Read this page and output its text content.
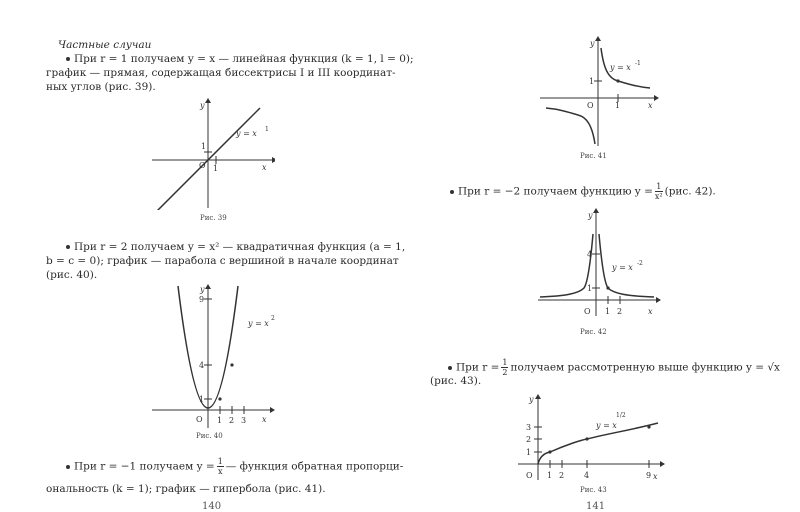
Частные случаи
При r = 1 получаем y = x — линейная функция (k = 1, l = 0);
график — прямая, содержащая биссектрисы I и III координат-
ных углов (рис. 39).
y
x
O 1
1
y = x 1
Рис. 39
При r = 2 получаем y = x² — квадратичная функция (a = 1,
b = c = 0); график — парабола с вершиной в начале координат
(рис. 40).
y
x
O 1 2 3
1
4
9
y = x
2
Рис. 40
При r = −1 получаем $y = \frac{1}{x}$ — функция обратная пропорци-
ональность (k = 1); график — гипербола (рис. 41).
140
y
x
O	1
1
y = x -1
Рис. 41
При r = −2 получаем функцию $y = \frac{1}{\text{x²}} (рис$. 42).
y
x
O 1 2
1
4
y = x -2
Рис. 42
При $r = \frac{1}{2}$ получаем рассмотренную выше функцию y = √x
(рис. 43).
y
x
O 1 2 4	9
1
2
3	y = x
1/2
Рис. 43
141
